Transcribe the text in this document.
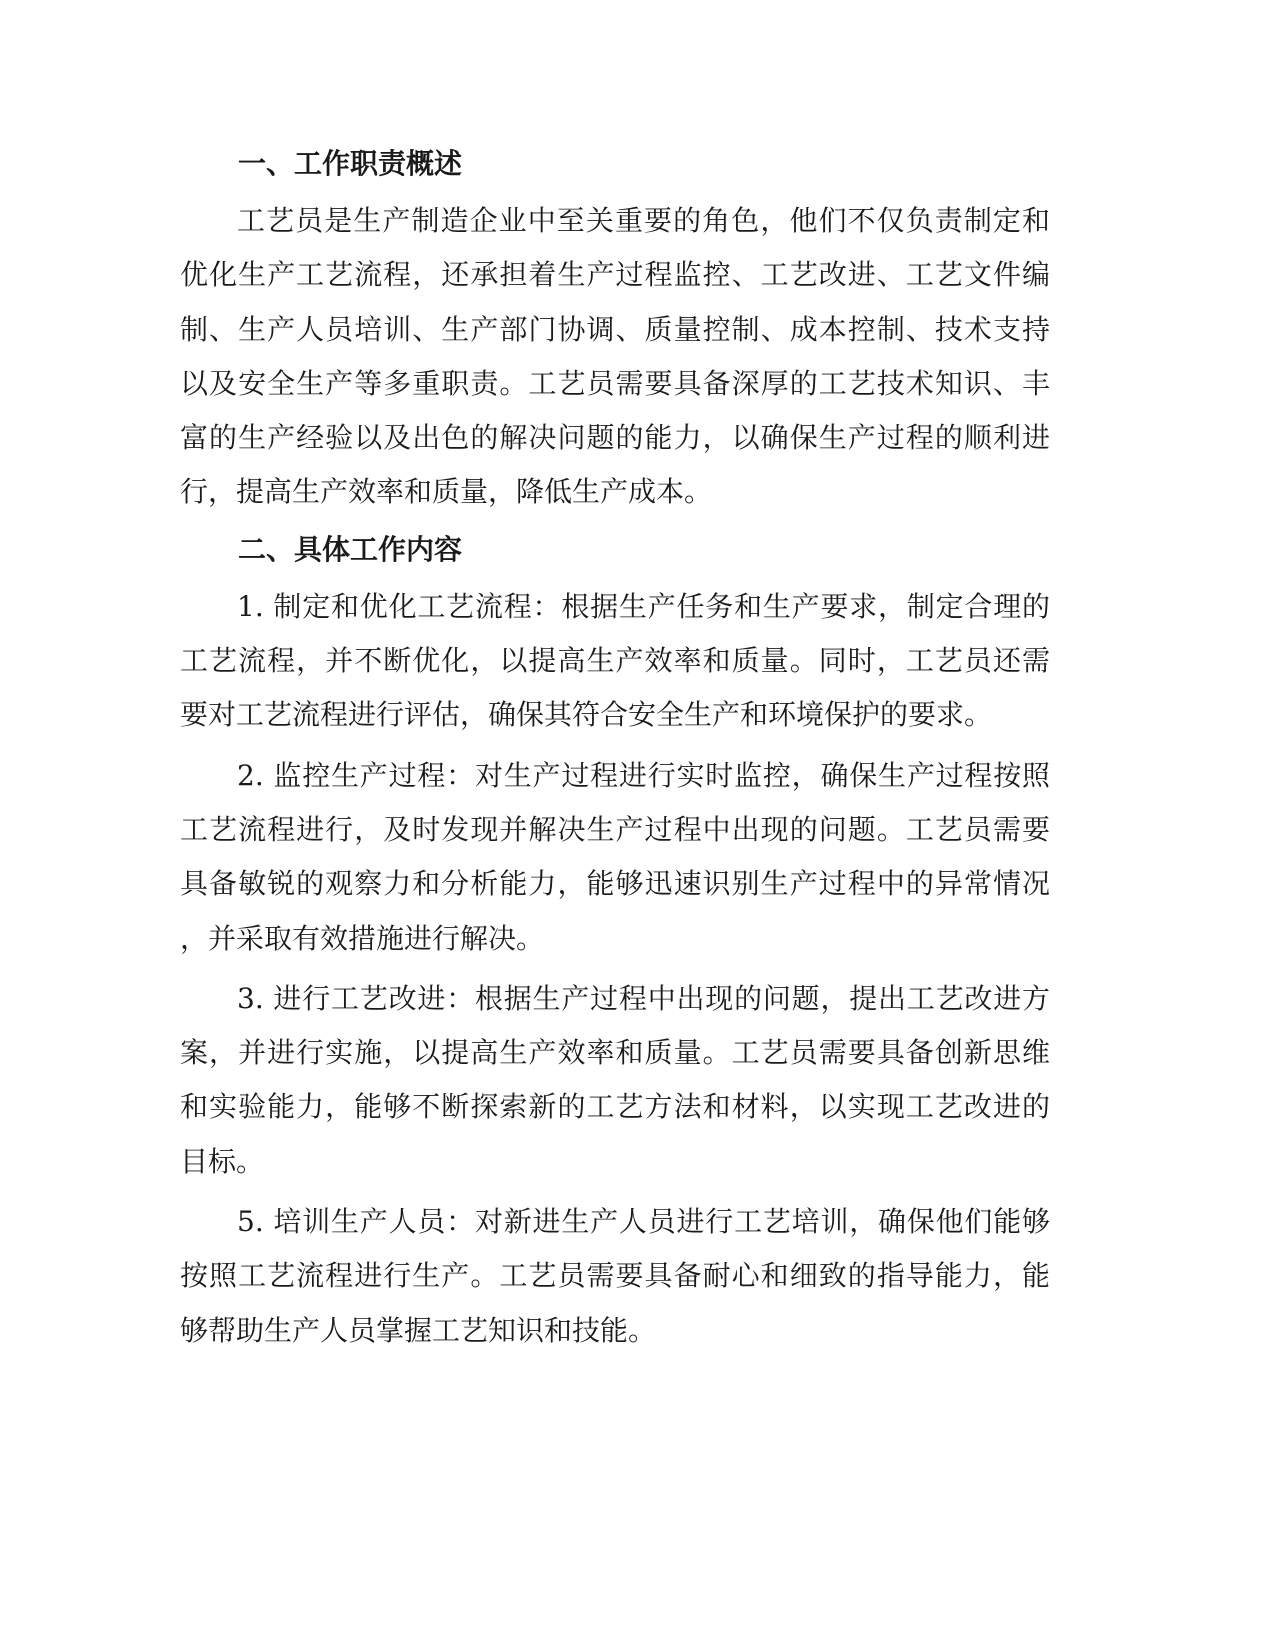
一、工作职责概述

工艺员是生产制造企业中至关重要的角色，他们不仅负责制定和
优化生产工艺流程，还承担着生产过程监控、工艺改进、工艺文件编
制、生产人员培训、生产部门协调、质量控制、成本控制、技术支持
以及安全生产等多重职责。工艺员需要具备深厚的工艺技术知识、丰
富的生产经验以及出色的解决问题的能力，以确保生产过程的顺利进
行，提高生产效率和质量，降低生产成本。

二、具体工作内容

1. 制定和优化工艺流程：根据生产任务和生产要求，制定合理的
工艺流程，并不断优化，以提高生产效率和质量。同时，工艺员还需
要对工艺流程进行评估，确保其符合安全生产和环境保护的要求。

2. 监控生产过程：对生产过程进行实时监控，确保生产过程按照
工艺流程进行，及时发现并解决生产过程中出现的问题。工艺员需要
具备敏锐的观察力和分析能力，能够迅速识别生产过程中的异常情况
，并采取有效措施进行解决。

3. 进行工艺改进：根据生产过程中出现的问题，提出工艺改进方
案，并进行实施，以提高生产效率和质量。工艺员需要具备创新思维
和实验能力，能够不断探索新的工艺方法和材料，以实现工艺改进的
目标。

5. 培训生产人员：对新进生产人员进行工艺培训，确保他们能够
按照工艺流程进行生产。工艺员需要具备耐心和细致的指导能力，能
够帮助生产人员掌握工艺知识和技能。
